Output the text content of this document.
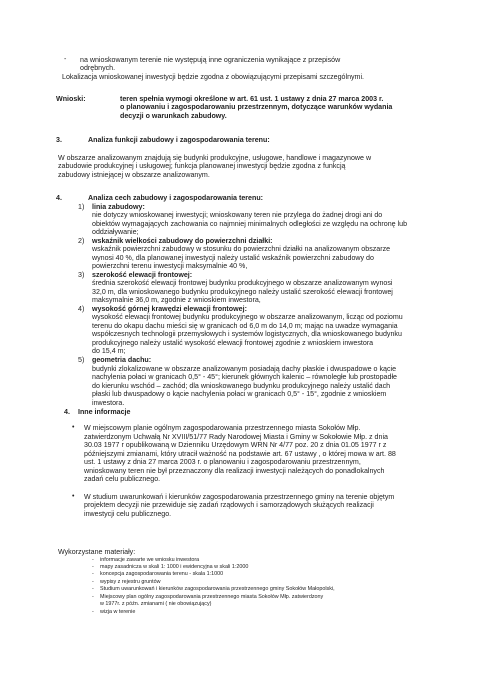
- na wnioskowanym terenie nie występują inne ograniczenia wynikające z przepisów
odrębnych.
Lokalizacja wnioskowanej inwestycji będzie zgodna z obowiązującymi przepisami szczególnymi.
Wnioski:	teren spełnia wymogi określone w art. 61 ust. 1 ustawy z dnia 27 marca 2003 r.
o planowaniu i zagospodarowaniu przestrzennym, dotyczące warunków wydania
decyzji o warunkach zabudowy.
3.	Analiza funkcji zabudowy i zagospodarowania terenu:
W obszarze analizowanym znajdują się budynki produkcyjne, usługowe, handlowe i magazynowe w
zabudowie produkcyjnej i usługowej; funkcja planowanej inwestycji będzie zgodna z funkcją
zabudowy istniejącej w obszarze analizowanym.
4.	Analiza cech zabudowy i zagospodarowania terenu:
1) linia zabudowy:
nie dotyczy wnioskowanej inwestycji; wnioskowany teren nie przylega do żadnej drogi ani do
obiektów wymagających zachowania co najmniej minimalnych odległości ze względu na ochronę lub
oddziaływanie;
2) wskaźnik wielkości zabudowy do powierzchni działki:
wskaźnik powierzchni zabudowy w stosunku do powierzchni działki na analizowanym obszarze
wynosi 40 %, dla planowanej inwestycji należy ustalić wskaźnik powierzchni zabudowy do
powierzchni terenu inwestycji maksymalnie 40 %,
3) szerokość elewacji frontowej:
średnia szerokość elewacji frontowej budynku produkcyjnego w obszarze analizowanym wynosi
32,0 m, dla wnioskowanego budynku produkcyjnego należy ustalić szerokość elewacji frontowej
maksymalnie 36,0 m, zgodnie z wnioskiem inwestora,
4) wysokość górnej krawędzi elewacji frontowej:
wysokość elewacji frontowej budynku produkcyjnego w obszarze analizowanym, licząc od poziomu
terenu do okapu dachu mieści się w granicach od 6,0 m do 14,0 m; mając na uwadze wymagania
współczesnych technologii przemysłowych i systemów logistycznych, dla wnioskowanego budynku
produkcyjnego należy ustalić wysokość elewacji frontowej zgodnie z wnioskiem inwestora
do 15,4 m;
5) geometria dachu:
budynki zlokalizowane w obszarze analizowanym posiadają dachy płaskie i dwuspadowe o kącie
nachylenia połaci w granicach 0,5° - 45°; kierunek głównych kalenic – równoległe lub prostopadłe
do kierunku wschód – zachód; dla wnioskowanego budynku produkcyjnego należy ustalić dach
płaski lub dwuspadowy o kącie nachylenia połaci w granicach 0,5° - 15°, zgodnie z wnioskiem
inwestora.
4. Inne informacje
• W miejscowym planie ogólnym zagospodarowania przestrzennego miasta Sokołów Młp.
zatwierdzonym Uchwałą Nr XVIII/51/77 Rady Narodowej Miasta i Gminy w Sokołowie Młp. z dnia
30.03 1977 r opublikowaną w Dzienniku Urzędowym WRN Nr 4/77 poz. 20 z dnia 01.05 1977 r z
późniejszymi zmianami, który utracił ważność na podstawie art. 67 ustawy , o której mowa w art. 88
ust. 1 ustawy z dnia 27 marca 2003 r. o planowaniu i zagospodarowaniu przestrzennym,
wnioskowany teren nie był przeznaczony dla realizacji inwestycji należących do ponadlokalnych
zadań celu publicznego.
• W studium uwarunkowań i kierunków zagospodarowania przestrzennego gminy na terenie objętym
projektem decyzji nie przewiduje się zadań rządowych i samorządowych służących realizacji
inwestycji celu publicznego.
Wykorzystane materiały:
- informacje zawarte we wniosku inwestora
- mapy zasadnicza w skali 1: 1000 i ewidencyjna w skali 1:2000
- koncepcja zagospodarowania terenu - skala 1:1000
- wypisy z rejestru gruntów
- Studium uwarunkowań i kierunków zagospodarowania przestrzennego gminy Sokołów Małopolski,
- Miejscowy plan ogólny zagospodarowania przestrzennego miasta Sokołów Młp. zatwierdzony
w 1977r. z późn. zmianami ( nie obowiązujący)
- wizja w terenie
